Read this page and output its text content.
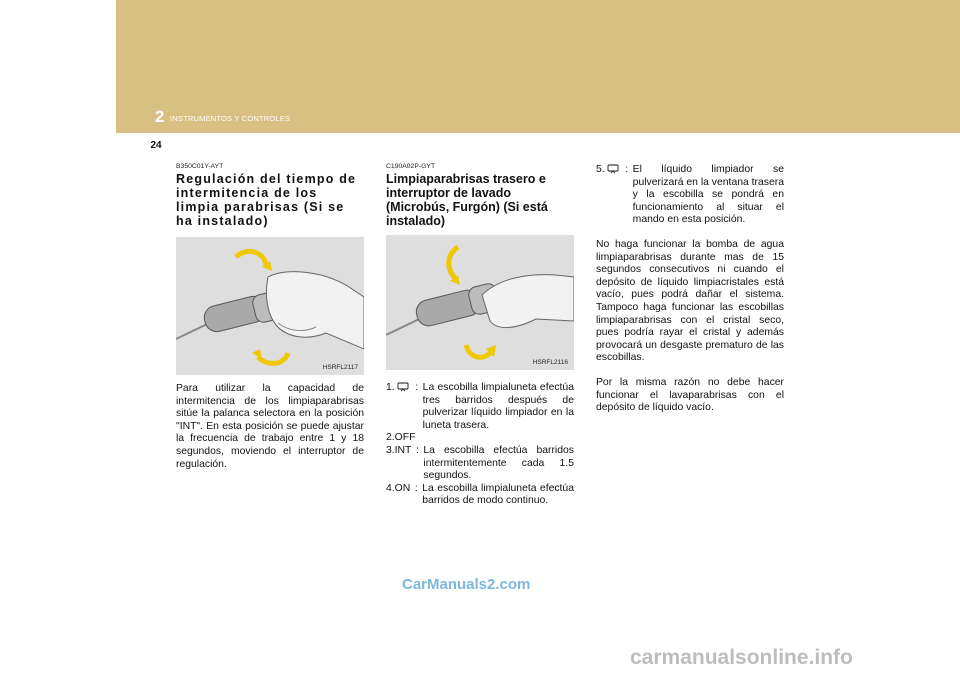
2 INSTRUMENTOS Y CONTROLES
24
B350C01Y-AYT
Regulación del tiempo de intermitencia de los limpia parabrisas (Si se ha instalado)
HSRFL2117
Para utilizar la capacidad de intermitencia de los limpiaparabrisas sitúe la palanca selectora en la posición "INT". En esta posición se puede ajustar la frecuencia de trabajo entre 1 y 18 segundos, moviendo el interruptor de regulación.
C190A02P-GYT
Limpiaparabrisas trasero e interruptor de lavado (Microbús, Furgón) (Si está instalado)
HSRFL2116
1.	: La escobilla limpialuneta efectúa tres barridos después de pulverizar líquido limpiador en la luneta trasera.
2.OFF
3.INT : La escobilla efectúa barridos intermitentemente cada 1.5 segundos.
4.ON : La escobilla limpialuneta efectúa barridos de modo continuo.
5.	: El líquido limpiador se pulverizará en la ventana trasera y la escobilla se pondrá en funcionamiento al situar el mando en esta posición.
No haga funcionar la bomba de agua limpiaparabrisas durante mas de 15 segundos consecutivos ni cuando el depósito de líquido limpiacristales está vacío, pues podrá dañar el sistema. Tampoco haga funcionar las escobillas limpiaparabrisas con el cristal seco, pues podría rayar el cristal y además provocará un desgaste prematuro de las escobillas.
Por la misma razón no debe hacer funcionar el lavaparabrisas con el depósito de líquido vacío.
CarManuals2.com
carmanualsonline.info
